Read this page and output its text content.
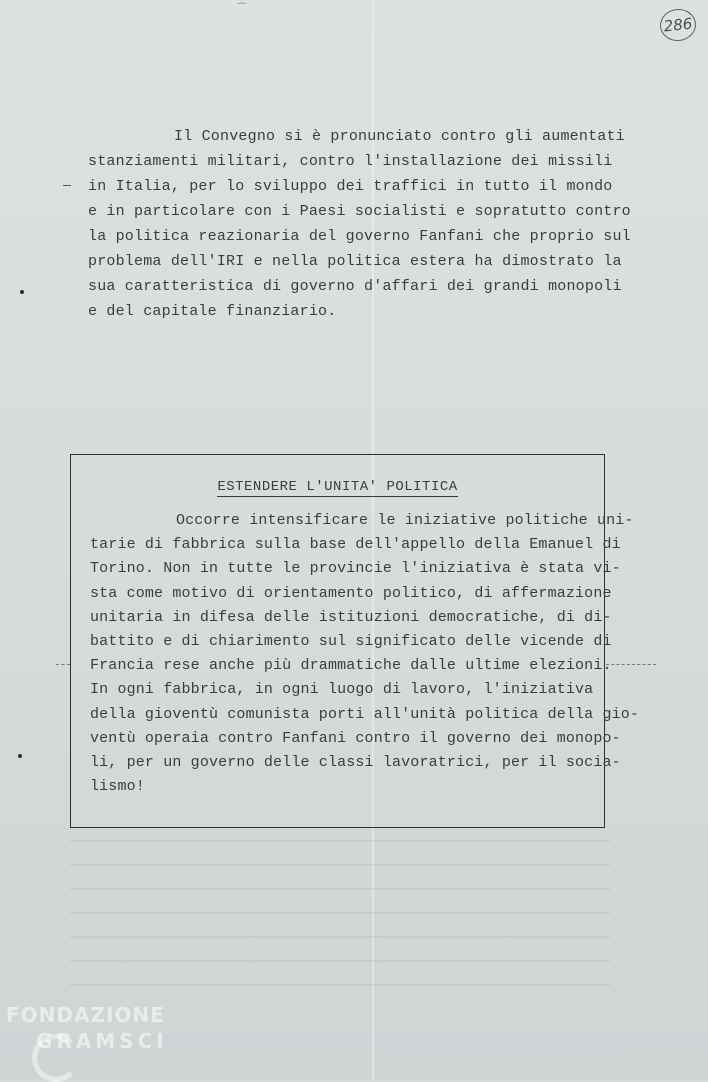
⁀
286
Il Convegno si è pronunciato contro gli aumentati
stanziamenti militari, contro l'installazione dei missili
in Italia, per lo sviluppo dei traffici in tutto il mondo
e in particolare con i Paesi socialisti e sopratutto contro
la politica reazionaria del governo Fanfani che proprio sul
problema dell'IRI e nella politica estera ha dimostrato la
sua caratteristica di governo d'affari dei grandi monopoli
e del capitale finanziario.
ESTENDERE L'UNITA' POLITICA
Occorre intensificare le iniziative politiche uni-
tarie di fabbrica sulla base dell'appello della Emanuel di
Torino. Non in tutte le provincie l'iniziativa è stata vi-
sta come motivo di orientamento politico, di affermazione
unitaria in difesa delle istituzioni democratiche, di di-
battito e di chiarimento sul significato delle vicende di
Francia rese anche più drammatiche dalle ultime elezioni.
In ogni fabbrica, in ogni luogo di lavoro, l'iniziativa
della gioventù comunista porti all'unità politica della gio-
ventù operaia contro Fanfani contro il governo dei monopo-
li, per un governo delle classi lavoratrici, per il socia-
lismo!
FONDAZIONE
GRAMSCI
